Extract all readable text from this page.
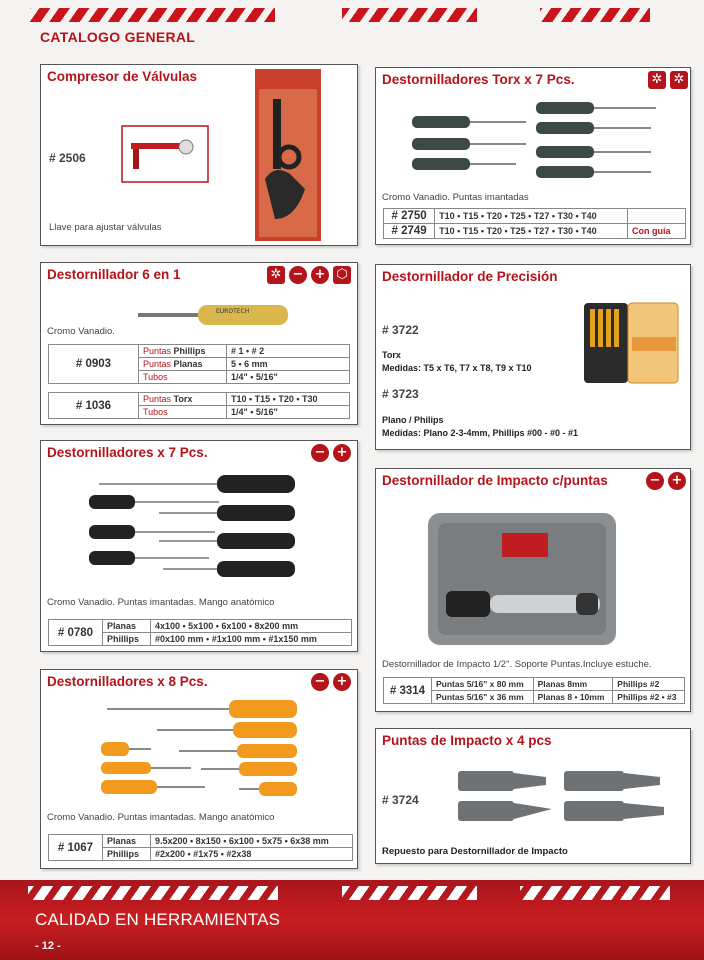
CATALOGO GENERAL
Compresor de Válvulas
# 2506
Llave para ajustar válvulas
Destornilladores Torx x 7 Pcs.	✲ ✲
Cromo Vanadio. Puntas imantadas
# 2750	T10 • T15 • T20 • T25 • T27 • T30 • T40	
# 2749	T10 • T15 • T20 • T25 • T27 • T30 • T40	Con guía
Destornillador 6 en 1	✲ − + ⬡
EUROTECH
Cromo Vanadio.
# 0903	Puntas Phillips	# 1 • # 2
	Puntas Planas	5 • 6 mm
	Tubos	1/4" • 5/16"
# 1036	Puntas Torx	T10 • T15 • T20 • T30
	Tubos	1/4" • 5/16"
Destornillador de Precisión
# 3722
Torx
Medidas: T5 x T6, T7 x T8, T9 x T10
# 3723
Plano / Philips
Medidas: Plano 2-3-4mm, Phillips #00 - #0 - #1
Destornilladores x 7 Pcs.	− +
Cromo Vanadio. Puntas imantadas. Mango anatómico
# 0780	Planas	4x100 • 5x100 • 6x100 • 8x200 mm
	Phillips	#0x100 mm • #1x100 mm • #1x150 mm
Destornillador de Impacto c/puntas	− +
Destornillador de Impacto 1/2". Soporte Puntas.Incluye estuche.
# 3314	Puntas 5/16" x 80 mm	Planas 8mm	Phillips #2
	Puntas 5/16" x 36 mm	Planas 8 • 10mm	Phillips #2 • #3
Destornilladores x 8 Pcs.	− +
Cromo Vanadio. Puntas imantadas. Mango anatómico
# 1067	Planas	9.5x200 • 8x150 • 6x100 • 5x75 • 6x38 mm
	Phillips	#2x200 • #1x75 • #2x38
Puntas de Impacto x 4 pcs
# 3724
Repuesto para Destornillador de Impacto
CALIDAD EN HERRAMIENTAS
- 12 -
